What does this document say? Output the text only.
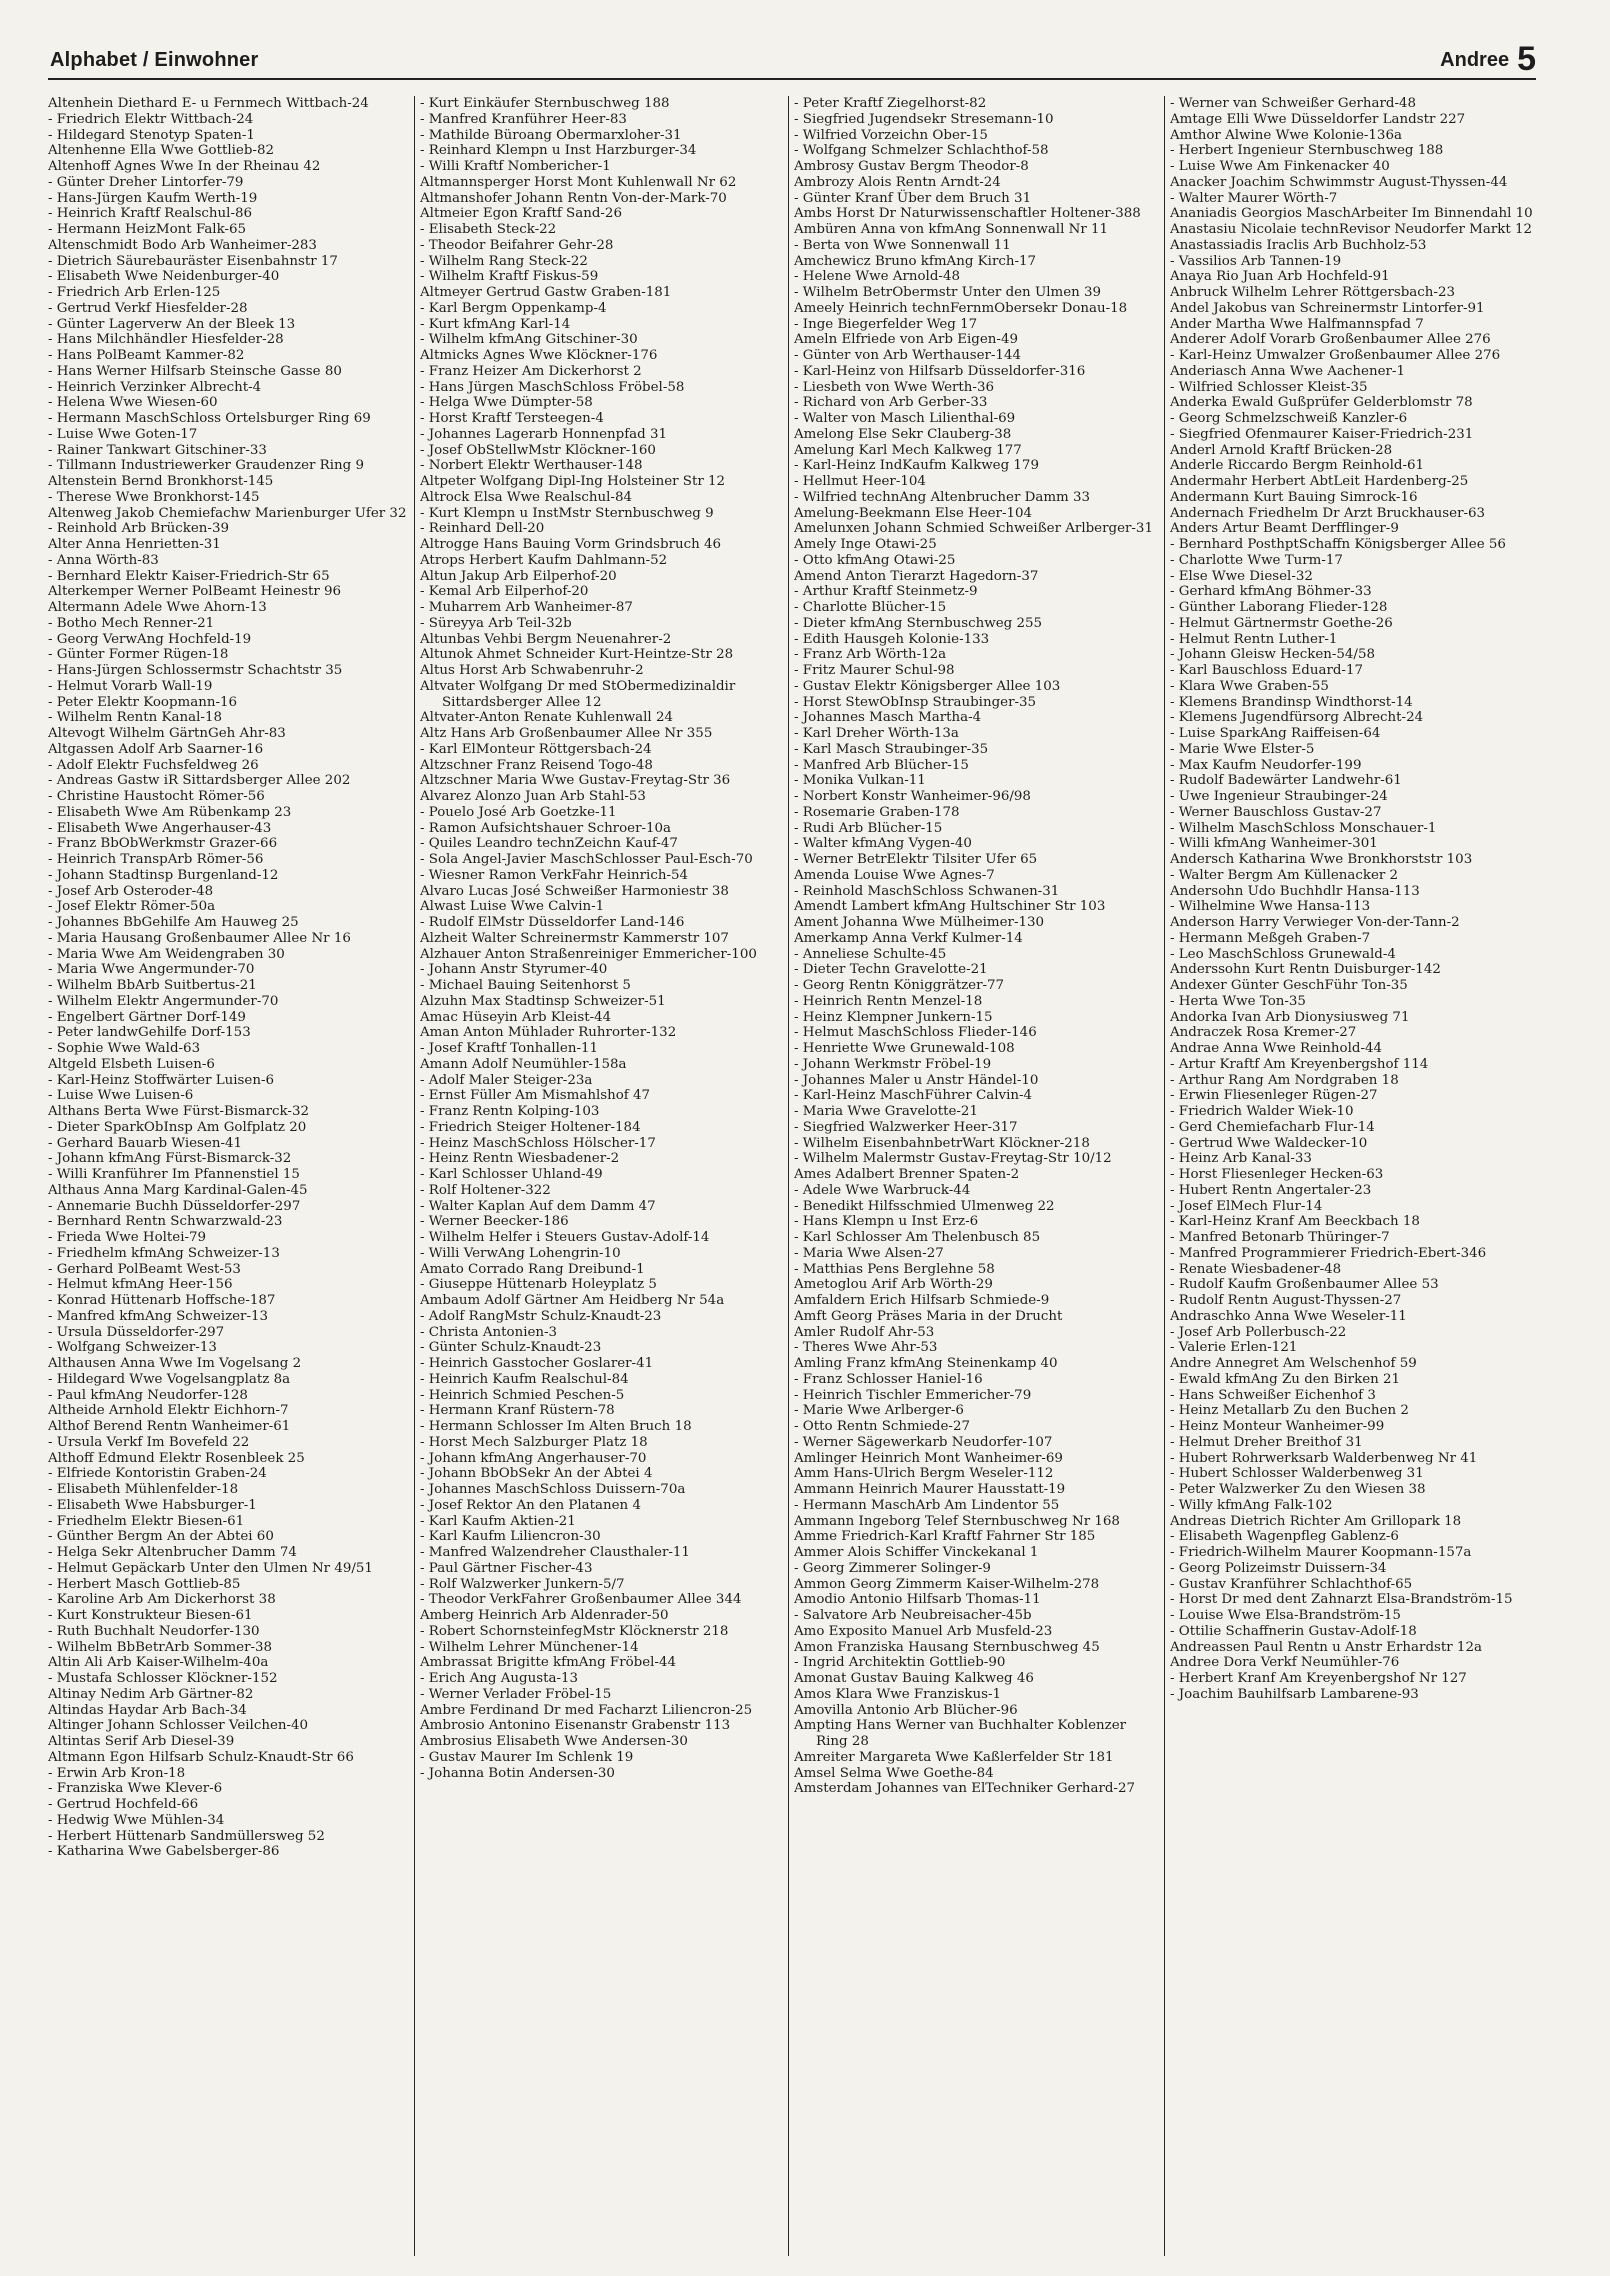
Alphabet / Einwohner	Andree 5
Altenhein Diethard E- u Fernmech Wittbach-24
- Friedrich Elektr Wittbach-24
- Hildegard Stenotyp Spaten-1
Altenhenne Ella Wwe Gottlieb-82
Altenhoff Agnes Wwe In der Rheinau 42
- Günter Dreher Lintorfer-79
- Hans-Jürgen Kaufm Werth-19
- Heinrich Kraftf Realschul-86
- Hermann HeizMont Falk-65
Altenschmidt Bodo Arb Wanheimer-283
- Dietrich Säurebauräster Eisenbahnstr 17
- Elisabeth Wwe Neidenburger-40
- Friedrich Arb Erlen-125
- Gertrud Verkf Hiesfelder-28
- Günter Lagerverw An der Bleek 13
- Hans Milchhändler Hiesfelder-28
- Hans PolBeamt Kammer-82
- Hans Werner Hilfsarb Steinsche Gasse 80
- Heinrich Verzinker Albrecht-4
- Helena Wwe Wiesen-60
- Hermann MaschSchloss Ortelsburger Ring 69
- Luise Wwe Goten-17
- Rainer Tankwart Gitschiner-33
- Tillmann Industriewerker Graudenzer Ring 9
Altenstein Bernd Bronkhorst-145
- Therese Wwe Bronkhorst-145
Altenweg Jakob Chemiefachw Marienburger Ufer 32
- Reinhold Arb Brücken-39
Alter Anna Henrietten-31
- Anna Wörth-83
- Bernhard Elektr Kaiser-Friedrich-Str 65
Alterkemper Werner PolBeamt Heinestr 96
Altermann Adele Wwe Ahorn-13
- Botho Mech Renner-21
- Georg VerwAng Hochfeld-19
- Günter Former Rügen-18
- Hans-Jürgen Schlossermstr Schachtstr 35
- Helmut Vorarb Wall-19
- Peter Elektr Koopmann-16
- Wilhelm Rentn Kanal-18
Altevogt Wilhelm GärtnGeh Ahr-83
Altgassen Adolf Arb Saarner-16
- Adolf Elektr Fuchsfeldweg 26
- Andreas Gastw iR Sittardsberger Allee 202
- Christine Haustocht Römer-56
- Elisabeth Wwe Am Rübenkamp 23
- Elisabeth Wwe Angerhauser-43
- Franz BbObWerkmstr Grazer-66
- Heinrich TranspArb Römer-56
- Johann Stadtinsp Burgenland-12
- Josef Arb Osteroder-48
- Josef Elektr Römer-50a
- Johannes BbGehilfe Am Hauweg 25
- Maria Hausang Großenbaumer Allee Nr 16
- Maria Wwe Am Weidengraben 30
- Maria Wwe Angermunder-70
- Wilhelm BbArb Suitbertus-21
- Wilhelm Elektr Angermunder-70
- Engelbert Gärtner Dorf-149
- Peter landwGehilfe Dorf-153
- Sophie Wwe Wald-63
Altgeld Elsbeth Luisen-6
- Karl-Heinz Stoffwärter Luisen-6
- Luise Wwe Luisen-6
Althans Berta Wwe Fürst-Bismarck-32
- Dieter SparkObInsp Am Golfplatz 20
- Gerhard Bauarb Wiesen-41
- Johann kfmAng Fürst-Bismarck-32
- Willi Kranführer Im Pfannenstiel 15
Althaus Anna Marg Kardinal-Galen-45
- Annemarie Buchh Düsseldorfer-297
- Bernhard Rentn Schwarzwald-23
- Frieda Wwe Holtei-79
- Friedhelm kfmAng Schweizer-13
- Gerhard PolBeamt West-53
- Helmut kfmAng Heer-156
- Konrad Hüttenarb Hoffsche-187
- Manfred kfmAng Schweizer-13
- Ursula Düsseldorfer-297
- Wolfgang Schweizer-13
Althausen Anna Wwe Im Vogelsang 2
- Hildegard Wwe Vogelsangplatz 8a
- Paul kfmAng Neudorfer-128
Altheide Arnhold Elektr Eichhorn-7
Althof Berend Rentn Wanheimer-61
- Ursula Verkf Im Bovefeld 22
Althoff Edmund Elektr Rosenbleek 25
- Elfriede Kontoristin Graben-24
- Elisabeth Mühlenfelder-18
- Elisabeth Wwe Habsburger-1
- Friedhelm Elektr Biesen-61
- Günther Bergm An der Abtei 60
- Helga Sekr Altenbrucher Damm 74
- Helmut Gepäckarb Unter den Ulmen Nr 49/51
- Herbert Masch Gottlieb-85
- Karoline Arb Am Dickerhorst 38
- Kurt Konstrukteur Biesen-61
- Ruth Buchhalt Neudorfer-130
- Wilhelm BbBetrArb Sommer-38
Altin Ali Arb Kaiser-Wilhelm-40a
- Mustafa Schlosser Klöckner-152
Altinay Nedim Arb Gärtner-82
Altindas Haydar Arb Bach-34
Altinger Johann Schlosser Veilchen-40
Altintas Serif Arb Diesel-39
Altmann Egon Hilfsarb Schulz-Knaudt-Str 66
- Erwin Arb Kron-18
- Franziska Wwe Klever-6
- Gertrud Hochfeld-66
- Hedwig Wwe Mühlen-34
- Herbert Hüttenarb Sandmüllersweg 52
- Katharina Wwe Gabelsberger-86
- Kurt Einkäufer Sternbuschweg 188
- Manfred Kranführer Heer-83
- Mathilde Büroang Obermarxloher-31
- Reinhard Klempn u Inst Harzburger-34
- Willi Kraftf Nombericher-1
Altmannsperger Horst Mont Kuhlenwall Nr 62
Altmanshofer Johann Rentn Von-der-Mark-70
Altmeier Egon Kraftf Sand-26
- Elisabeth Steck-22
- Theodor Beifahrer Gehr-28
- Wilhelm Rang Steck-22
- Wilhelm Kraftf Fiskus-59
Altmeyer Gertrud Gastw Graben-181
- Karl Bergm Oppenkamp-4
- Kurt kfmAng Karl-14
- Wilhelm kfmAng Gitschiner-30
Altmicks Agnes Wwe Klöckner-176
- Franz Heizer Am Dickerhorst 2
- Hans Jürgen MaschSchloss Fröbel-58
- Helga Wwe Dümpter-58
- Horst Kraftf Tersteegen-4
- Johannes Lagerarb Honnenpfad 31
- Josef ObStellwMstr Klöckner-160
- Norbert Elektr Werthauser-148
Altpeter Wolfgang Dipl-Ing Holsteiner Str 12
Altrock Elsa Wwe Realschul-84
- Kurt Klempn u InstMstr Sternbuschweg 9
- Reinhard Dell-20
Altrogge Hans Bauing Vorm Grindsbruch 46
Atrops Herbert Kaufm Dahlmann-52
Altun Jakup Arb Eilperhof-20
- Kemal Arb Eilperhof-20
- Muharrem Arb Wanheimer-87
- Süreyya Arb Teil-32b
Altunbas Vehbi Bergm Neuenahrer-2
Altunok Ahmet Schneider Kurt-Heintze-Str 28
Altus Horst Arb Schwabenruhr-2
Altvater Wolfgang Dr med StObermedizinaldir Sittardsberger Allee 12
Altvater-Anton Renate Kuhlenwall 24
Altz Hans Arb Großenbaumer Allee Nr 355
- Karl ElMonteur Röttgersbach-24
Altzschner Franz Reisend Togo-48
Altzschner Maria Wwe Gustav-Freytag-Str 36
Alvarez Alonzo Juan Arb Stahl-53
- Pouelo José Arb Goetzke-11
- Ramon Aufsichtshauer Schroer-10a
- Quiles Leandro technZeichn Kauf-47
- Sola Angel-Javier MaschSchlosser Paul-Esch-70
- Wiesner Ramon VerkFahr Heinrich-54
Alvaro Lucas José Schweißer Harmoniestr 38
Alwast Luise Wwe Calvin-1
- Rudolf ElMstr Düsseldorfer Land-146
Alzheit Walter Schreinermstr Kammerstr 107
Alzhauer Anton Straßenreiniger Emmericher-100
- Johann Anstr Styrumer-40
- Michael Bauing Seitenhorst 5
Alzuhn Max Stadtinsp Schweizer-51
Amac Hüseyin Arb Kleist-44
Aman Anton Mühlader Ruhrorter-132
- Josef Kraftf Tonhallen-11
Amann Adolf Neumühler-158a
- Adolf Maler Steiger-23a
- Ernst Füller Am Mismahlshof 47
- Franz Rentn Kolping-103
- Friedrich Steiger Holtener-184
- Heinz MaschSchloss Hölscher-17
- Heinz Rentn Wiesbadener-2
- Karl Schlosser Uhland-49
- Rolf Holtener-322
- Walter Kaplan Auf dem Damm 47
- Werner Beecker-186
- Wilhelm Helfer i Steuers Gustav-Adolf-14
- Willi VerwAng Lohengrin-10
Amato Corrado Rang Dreibund-1
- Giuseppe Hüttenarb Holeyplatz 5
Ambaum Adolf Gärtner Am Heidberg Nr 54a
- Adolf RangMstr Schulz-Knaudt-23
- Christa Antonien-3
- Günter Schulz-Knaudt-23
- Heinrich Gasstocher Goslarer-41
- Heinrich Kaufm Realschul-84
- Heinrich Schmied Peschen-5
- Hermann Kranf Rüstern-78
- Hermann Schlosser Im Alten Bruch 18
- Horst Mech Salzburger Platz 18
- Johann kfmAng Angerhauser-70
- Johann BbObSekr An der Abtei 4
- Johannes MaschSchloss Duissern-70a
- Josef Rektor An den Platanen 4
- Karl Kaufm Aktien-21
- Karl Kaufm Liliencron-30
- Manfred Walzendreher Clausthaler-11
- Paul Gärtner Fischer-43
- Rolf Walzwerker Junkern-5/7
- Theodor VerkFahrer Großenbaumer Allee 344
Amberg Heinrich Arb Aldenrader-50
- Robert SchornsteinfegMstr Klöcknerstr 218
- Wilhelm Lehrer Münchener-14
Ambrassat Brigitte kfmAng Fröbel-44
- Erich Ang Augusta-13
- Werner Verlader Fröbel-15
Ambre Ferdinand Dr med Facharzt Liliencron-25
Ambrosio Antonino Eisenanstr Grabenstr 113
Ambrosius Elisabeth Wwe Andersen-30
- Gustav Maurer Im Schlenk 19
- Johanna Botin Andersen-30
- Peter Kraftf Ziegelhorst-82
- Siegfried Jugendsekr Stresemann-10
- Wilfried Vorzeichn Ober-15
- Wolfgang Schmelzer Schlachthof-58
Ambrosy Gustav Bergm Theodor-8
Ambrozy Alois Rentn Arndt-24
- Günter Kranf Über dem Bruch 31
Ambs Horst Dr Naturwissenschaftler Holtener-388
Ambüren Anna von kfmAng Sonnenwall Nr 11
- Berta von Wwe Sonnenwall 11
Amchewicz Bruno kfmAng Kirch-17
- Helene Wwe Arnold-48
- Wilhelm BetrObermstr Unter den Ulmen 39
Ameely Heinrich technFernmObersekr Donau-18
- Inge Biegerfelder Weg 17
Ameln Elfriede von Arb Eigen-49
- Günter von Arb Werthauser-144
- Karl-Heinz von Hilfsarb Düsseldorfer-316
- Liesbeth von Wwe Werth-36
- Richard von Arb Gerber-33
- Walter von Masch Lilienthal-69
Amelong Else Sekr Clauberg-38
Amelung Karl Mech Kalkweg 177
- Karl-Heinz IndKaufm Kalkweg 179
- Hellmut Heer-104
- Wilfried technAng Altenbrucher Damm 33
Amelung-Beekmann Else Heer-104
Amelunxen Johann Schmied Schweißer Arlberger-31
Amely Inge Otawi-25
- Otto kfmAng Otawi-25
Amend Anton Tierarzt Hagedorn-37
- Arthur Kraftf Steinmetz-9
- Charlotte Blücher-15
- Dieter kfmAng Sternbuschweg 255
- Edith Hausgeh Kolonie-133
- Franz Arb Wörth-12a
- Fritz Maurer Schul-98
- Gustav Elektr Königsberger Allee 103
- Horst StewObInsp Straubinger-35
- Johannes Masch Martha-4
- Karl Dreher Wörth-13a
- Karl Masch Straubinger-35
- Manfred Arb Blücher-15
- Monika Vulkan-11
- Norbert Konstr Wanheimer-96/98
- Rosemarie Graben-178
- Rudi Arb Blücher-15
- Walter kfmAng Vygen-40
- Werner BetrElektr Tilsiter Ufer 65
Amenda Louise Wwe Agnes-7
- Reinhold MaschSchloss Schwanen-31
Amendt Lambert kfmAng Hultschiner Str 103
Ament Johanna Wwe Mülheimer-130
Amerkamp Anna Verkf Kulmer-14
- Anneliese Schulte-45
- Dieter Techn Gravelotte-21
- Georg Rentn Königgrätzer-77
- Heinrich Rentn Menzel-18
- Heinz Klempner Junkern-15
- Helmut MaschSchloss Flieder-146
- Henriette Wwe Grunewald-108
- Johann Werkmstr Fröbel-19
- Johannes Maler u Anstr Händel-10
- Karl-Heinz MaschFührer Calvin-4
- Maria Wwe Gravelotte-21
- Siegfried Walzwerker Heer-317
- Wilhelm EisenbahnbetrWart Klöckner-218
- Wilhelm Malermstr Gustav-Freytag-Str 10/12
Ames Adalbert Brenner Spaten-2
- Adele Wwe Warbruck-44
- Benedikt Hilfsschmied Ulmenweg 22
- Hans Klempn u Inst Erz-6
- Karl Schlosser Am Thelenbusch 85
- Maria Wwe Alsen-27
- Matthias Pens Berglehne 58
Ametoglou Arif Arb Wörth-29
Amfaldern Erich Hilfsarb Schmiede-9
Amft Georg Präses Maria in der Drucht
Amler Rudolf Ahr-53
- Theres Wwe Ahr-53
Amling Franz kfmAng Steinenkamp 40
- Franz Schlosser Haniel-16
- Heinrich Tischler Emmericher-79
- Marie Wwe Arlberger-6
- Otto Rentn Schmiede-27
- Werner Sägewerkarb Neudorfer-107
Amlinger Heinrich Mont Wanheimer-69
Amm Hans-Ulrich Bergm Weseler-112
Ammann Heinrich Maurer Hausstatt-19
- Hermann MaschArb Am Lindentor 55
Ammann Ingeborg Telef Sternbuschweg Nr 168
Amme Friedrich-Karl Kraftf Fahrner Str 185
Ammer Alois Schiffer Vinckekanal 1
- Georg Zimmerer Solinger-9
Ammon Georg Zimmerm Kaiser-Wilhelm-278
Amodio Antonio Hilfsarb Thomas-11
- Salvatore Arb Neubreisacher-45b
Amo Exposito Manuel Arb Musfeld-23
Amon Franziska Hausang Sternbuschweg 45
- Ingrid Architektin Gottlieb-90
Amonat Gustav Bauing Kalkweg 46
Amos Klara Wwe Franziskus-1
Amovilla Antonio Arb Blücher-96
Ampting Hans Werner van Buchhalter Koblenzer Ring 28
Amreiter Margareta Wwe Kaßlerfelder Str 181
Amsel Selma Wwe Goethe-84
Amsterdam Johannes van ElTechniker Gerhard-27
- Werner van Schweißer Gerhard-48
Amtage Elli Wwe Düsseldorfer Landstr 227
Amthor Alwine Wwe Kolonie-136a
- Herbert Ingenieur Sternbuschweg 188
- Luise Wwe Am Finkenacker 40
Anacker Joachim Schwimmstr August-Thyssen-44
- Walter Maurer Wörth-7
Ananiadis Georgios MaschArbeiter Im Binnendahl 10
Anastasiu Nicolaie technRevisor Neudorfer Markt 12
Anastassiadis Iraclis Arb Buchholz-53
- Vassilios Arb Tannen-19
Anaya Rio Juan Arb Hochfeld-91
Anbruck Wilhelm Lehrer Röttgersbach-23
Andel Jakobus van Schreinermstr Lintorfer-91
Ander Martha Wwe Halfmannspfad 7
Anderer Adolf Vorarb Großenbaumer Allee 276
- Karl-Heinz Umwalzer Großenbaumer Allee 276
Anderiasch Anna Wwe Aachener-1
- Wilfried Schlosser Kleist-35
Anderka Ewald Gußprüfer Gelderblomstr 78
- Georg Schmelzschweiß Kanzler-6
- Siegfried Ofenmaurer Kaiser-Friedrich-231
Anderl Arnold Kraftf Brücken-28
Anderle Riccardo Bergm Reinhold-61
Andermahr Herbert AbtLeit Hardenberg-25
Andermann Kurt Bauing Simrock-16
Andernach Friedhelm Dr Arzt Bruckhauser-63
Anders Artur Beamt Derfflinger-9
- Bernhard PosthptSchaffn Königsberger Allee 56
- Charlotte Wwe Turm-17
- Else Wwe Diesel-32
- Gerhard kfmAng Böhmer-33
- Günther Laborang Flieder-128
- Helmut Gärtnermstr Goethe-26
- Helmut Rentn Luther-1
- Johann Gleisw Hecken-54/58
- Karl Bauschloss Eduard-17
- Klara Wwe Graben-55
- Klemens Brandinsp Windthorst-14
- Klemens Jugendfürsorg Albrecht-24
- Luise SparkAng Raiffeisen-64
- Marie Wwe Elster-5
- Max Kaufm Neudorfer-199
- Rudolf Badewärter Landwehr-61
- Uwe Ingenieur Straubinger-24
- Werner Bauschloss Gustav-27
- Wilhelm MaschSchloss Monschauer-1
- Willi kfmAng Wanheimer-301
Andersch Katharina Wwe Bronkhorststr 103
- Walter Bergm Am Küllenacker 2
Andersohn Udo Buchhdlr Hansa-113
- Wilhelmine Wwe Hansa-113
Anderson Harry Verwieger Von-der-Tann-2
- Hermann Meßgeh Graben-7
- Leo MaschSchloss Grunewald-4
Anderssohn Kurt Rentn Duisburger-142
Andexer Günter GeschFühr Ton-35
- Herta Wwe Ton-35
Andorka Ivan Arb Dionysiusweg 71
Andraczek Rosa Kremer-27
Andrae Anna Wwe Reinhold-44
- Artur Kraftf Am Kreyenbergshof 114
- Arthur Rang Am Nordgraben 18
- Erwin Fliesenleger Rügen-27
- Friedrich Walder Wiek-10
- Gerd Chemiefacharb Flur-14
- Gertrud Wwe Waldecker-10
- Heinz Arb Kanal-33
- Horst Fliesenleger Hecken-63
- Hubert Rentn Angertaler-23
- Josef ElMech Flur-14
- Karl-Heinz Kranf Am Beeckbach 18
- Manfred Betonarb Thüringer-7
- Manfred Programmierer Friedrich-Ebert-346
- Renate Wiesbadener-48
- Rudolf Kaufm Großenbaumer Allee 53
- Rudolf Rentn August-Thyssen-27
Andraschko Anna Wwe Weseler-11
- Josef Arb Pollerbusch-22
- Valerie Erlen-121
Andre Annegret Am Welschenhof 59
- Ewald kfmAng Zu den Birken 21
- Hans Schweißer Eichenhof 3
- Heinz Metallarb Zu den Buchen 2
- Heinz Monteur Wanheimer-99
- Helmut Dreher Breithof 31
- Hubert Rohrwerksarb Walderbenweg Nr 41
- Hubert Schlosser Walderbenweg 31
- Peter Walzwerker Zu den Wiesen 38
- Willy kfmAng Falk-102
Andreas Dietrich Richter Am Grillopark 18
- Elisabeth Wagenpfleg Gablenz-6
- Friedrich-Wilhelm Maurer Koopmann-157a
- Georg Polizeimstr Duissern-34
- Gustav Kranführer Schlachthof-65
- Horst Dr med dent Zahnarzt Elsa-Brandström-15
- Louise Wwe Elsa-Brandström-15
- Ottilie Schaffnerin Gustav-Adolf-18
Andreassen Paul Rentn u Anstr Erhardstr 12a
Andree Dora Verkf Neumühler-76
- Herbert Kranf Am Kreyenbergshof Nr 127
- Joachim Bauhilfsarb Lambarene-93
